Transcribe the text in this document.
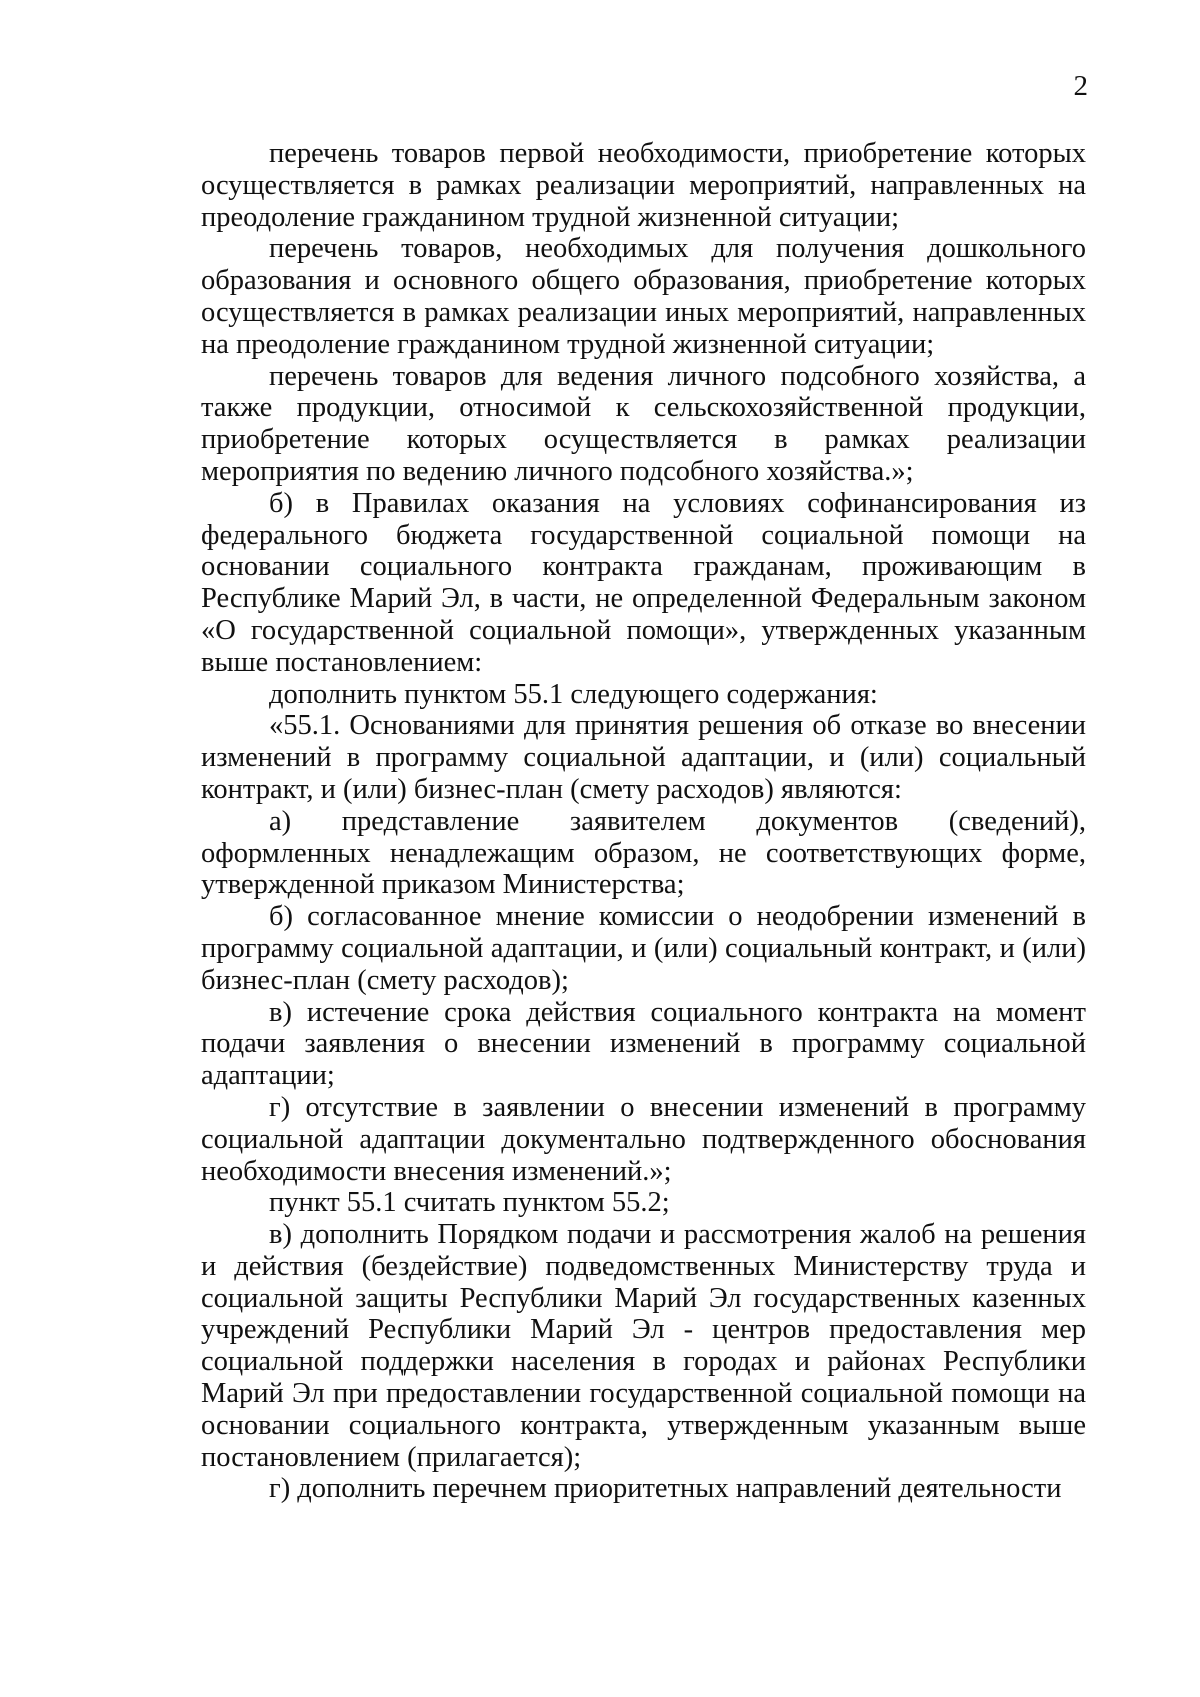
2

перечень товаров первой необходимости, приобретение которых осуществляется в рамках реализации мероприятий, направленных на преодоление гражданином трудной жизненной ситуации;

перечень товаров, необходимых для получения дошкольного образования и основного общего образования, приобретение которых осуществляется в рамках реализации иных мероприятий, направленных на преодоление гражданином трудной жизненной ситуации;

перечень товаров для ведения личного подсобного хозяйства, а также продукции, относимой к сельскохозяйственной продукции, приобретение которых осуществляется в рамках реализации мероприятия по ведению личного подсобного хозяйства.»;

б) в Правилах оказания на условиях софинансирования из федерального бюджета государственной социальной помощи на основании социального контракта гражданам, проживающим в Республике Марий Эл, в части, не определенной Федеральным законом «О государственной социальной помощи», утвержденных указанным выше постановлением:

дополнить пунктом 55.1 следующего содержания:

«55.1. Основаниями для принятия решения об отказе во внесении изменений в программу социальной адаптации, и (или) социальный контракт, и (или) бизнес-план (смету расходов) являются:

а) представление заявителем документов (сведений), оформленных ненадлежащим образом, не соответствующих форме, утвержденной приказом Министерства;

б) согласованное мнение комиссии о неодобрении изменений в программу социальной адаптации, и (или) социальный контракт, и (или) бизнес-план (смету расходов);

в) истечение срока действия социального контракта на момент подачи заявления о внесении изменений в программу социальной адаптации;

г) отсутствие в заявлении о внесении изменений в программу социальной адаптации документально подтвержденного обоснования необходимости внесения изменений.»;

пункт 55.1 считать пунктом 55.2;

в) дополнить Порядком подачи и рассмотрения жалоб на решения и действия (бездействие) подведомственных Министерству труда и социальной защиты Республики Марий Эл государственных казенных учреждений Республики Марий Эл - центров предоставления мер социальной поддержки населения в городах и районах Республики Марий Эл при предоставлении государственной социальной помощи на основании социального контракта, утвержденным указанным выше постановлением (прилагается);

г) дополнить перечнем приоритетных направлений деятельности
